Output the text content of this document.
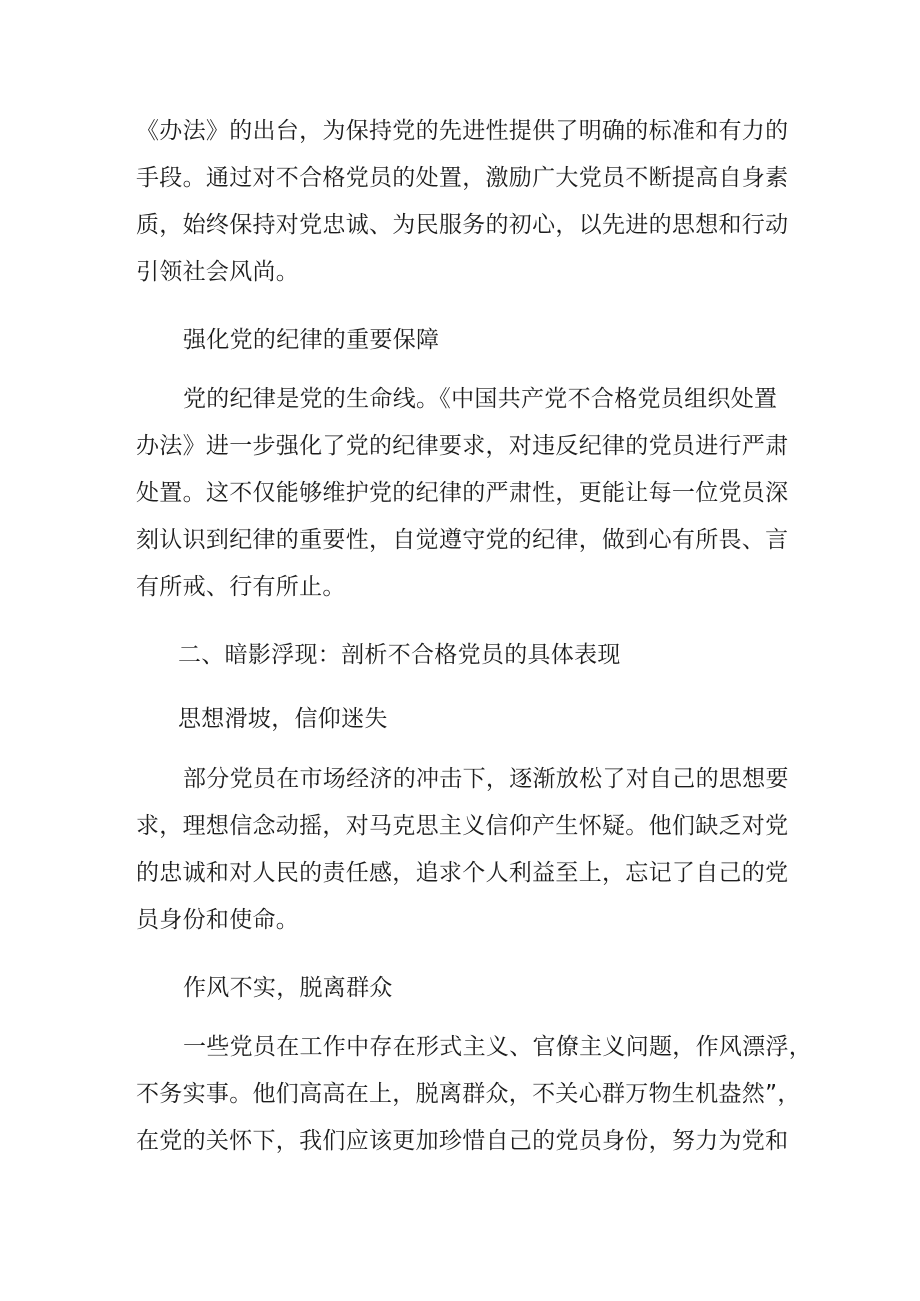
《办法》的出台，为保持党的先进性提供了明确的标准和有力的
手段。通过对不合格党员的处置，激励广大党员不断提高自身素
质，始终保持对党忠诚、为民服务的初心，以先进的思想和行动
引领社会风尚。
强化党的纪律的重要保障
党的纪律是党的生命线。《中国共产党不合格党员组织处置
办法》进一步强化了党的纪律要求，对违反纪律的党员进行严肃
处置。这不仅能够维护党的纪律的严肃性，更能让每一位党员深
刻认识到纪律的重要性，自觉遵守党的纪律，做到心有所畏、言
有所戒、行有所止。
二、暗影浮现：剖析不合格党员的具体表现
思想滑坡，信仰迷失
部分党员在市场经济的冲击下，逐渐放松了对自己的思想要
求，理想信念动摇，对马克思主义信仰产生怀疑。他们缺乏对党
的忠诚和对人民的责任感，追求个人利益至上，忘记了自己的党
员身份和使命。
作风不实，脱离群众
一些党员在工作中存在形式主义、官僚主义问题，作风漂浮，
不务实事。他们高高在上，脱离群众，不关心群万物生机盎然”，
在党的关怀下，我们应该更加珍惜自己的党员身份，努力为党和
